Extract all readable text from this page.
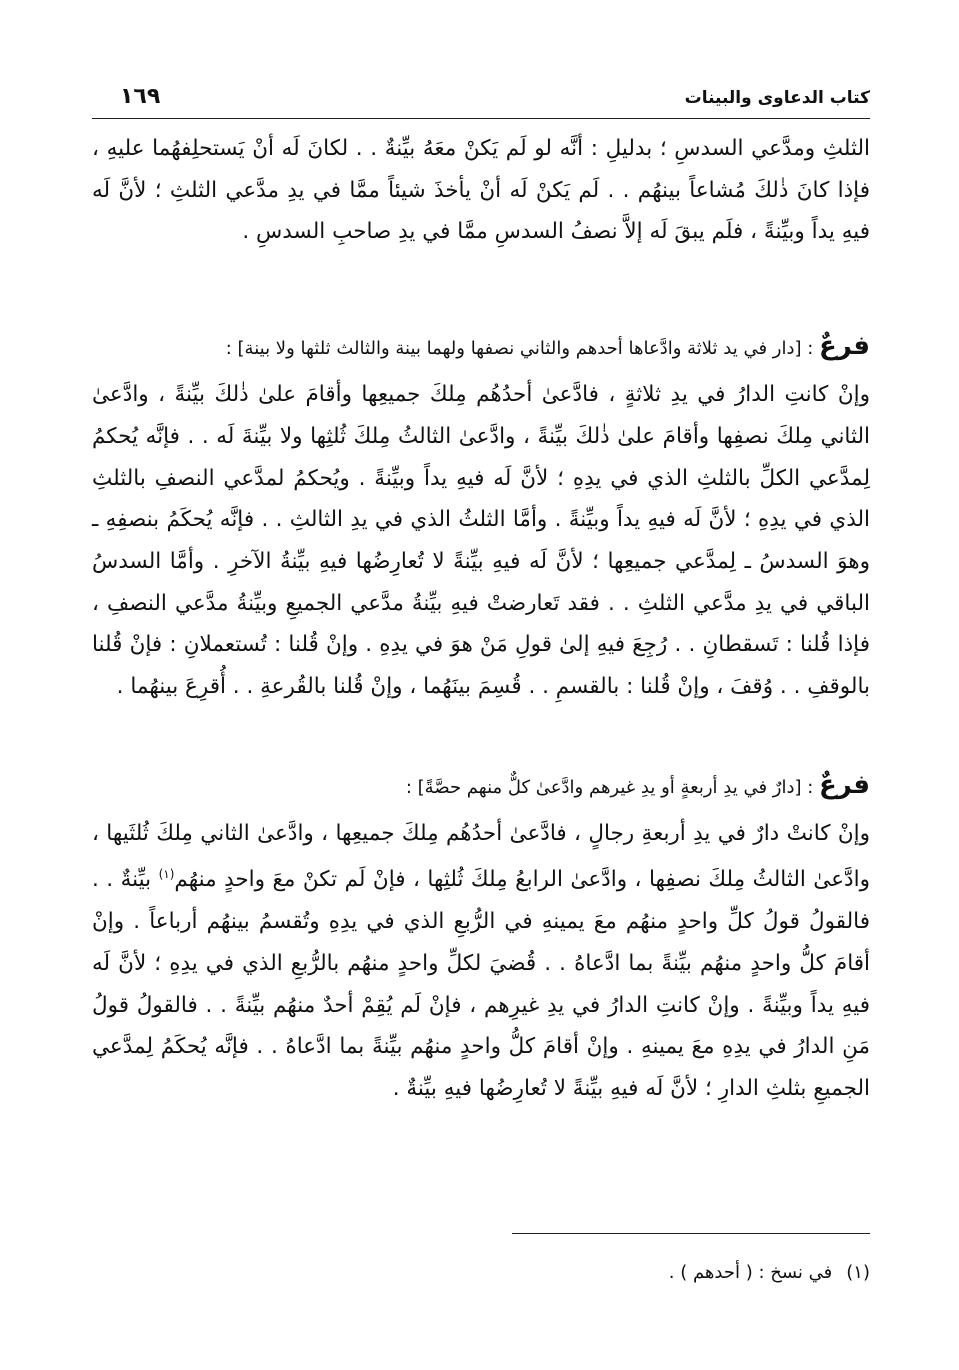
كتاب الدعاوى والبينات
١٦٩

الثلثِ ومدَّعي السدسِ ؛ بدليلِ : أنَّه لو لَم يَكنْ معَهُ بيِّنةٌ . . لكانَ لَه أنْ يَستحلِفهُما عليهِ ، فإذا كانَ ذٰلكَ مُشاعاً بينهُم . . لَم يَكنْ لَه أنْ يأخذَ شيئاً ممَّا في يدِ مدَّعي الثلثِ ؛ لأنَّ لَه فيهِ يداً وبيِّنةً ، فلَم يبقَ لَه إلاَّ نصفُ السدسِ ممَّا في يدِ صاحبِ السدسِ .

فرعٌ : [دار في يد ثلاثة وادَّعاها أحدهم والثاني نصفها ولهما بينة والثالث ثلثها ولا بينة] :

وإنْ كانتِ الدارُ في يدِ ثلاثةٍ ، فادَّعىٰ أحدُهُم مِلكَ جميعِها وأقامَ علىٰ ذٰلكَ بيِّنةً ، وادَّعىٰ الثاني مِلكَ نصفِها وأقامَ علىٰ ذٰلكَ بيِّنةً ، وادَّعىٰ الثالثُ مِلكَ ثُلثِها ولا بيِّنةَ لَه . . فإنَّه يُحكمُ لِمدَّعي الكلِّ بالثلثِ الذي في يدِهِ ؛ لأنَّ لَه فيهِ يداً وبيِّنةً . ويُحكمُ لمدَّعي النصفِ بالثلثِ الذي في يدِهِ ؛ لأنَّ لَه فيهِ يداً وبيِّنةً . وأمَّا الثلثُ الذي في يدِ الثالثِ . . فإنَّه يُحكَمُ بنصفِهِ ـ وهوَ السدسُ ـ لِمدَّعي جميعِها ؛ لأنَّ لَه فيهِ بيِّنةً لا تُعارِضُها فيهِ بيِّنةُ الآخرِ . وأمَّا السدسُ الباقي في يدِ مدَّعي الثلثِ . . فقد تَعارضتْ فيهِ بيِّنةُ مدَّعي الجميعِ وبيِّنةُ مدَّعي النصفِ ، فإذا قُلنا : تَسقطانِ . . رُجِعَ فيهِ إلىٰ قولِ مَنْ هوَ في يدِهِ . وإنْ قُلنا : تُستعملانِ : فإنْ قُلنا بالوقفِ . . وُقفَ ، وإنْ قُلنا : بالقسمِ . . قُسِمَ بينَهُما ، وإنْ قُلنا بالقُرعةِ . . أُقرِعَ بينهُما .

فرعٌ : [دارٌ في يدِ أربعةٍ أو يدِ غيرهم وادَّعىٰ كلٌّ منهم حصَّةً] :

وإنْ كانتْ دارٌ في يدِ أربعةِ رجالٍ ، فادَّعىٰ أحدُهُم مِلكَ جميعِها ، وادَّعىٰ الثاني مِلكَ ثُلثَيها ، وادَّعىٰ الثالثُ مِلكَ نصفِها ، وادَّعىٰ الرابعُ مِلكَ ثُلثِها ، فإنْ لَم تكنْ معَ واحدٍ منهُم$^{(١)}$ بيِّنةٌ . . فالقولُ قولُ كلِّ واحدٍ منهُم معَ يمينهِ في الرُّبعِ الذي في يدِهِ وتُقسمُ بينهُم أرباعاً . وإنْ أقامَ كلُّ واحدٍ منهُم بيِّنةً بما ادَّعاهُ . . قُضيَ لكلِّ واحدٍ منهُم بالرُّبعِ الذي في يدِهِ ؛ لأنَّ لَه فيهِ يداً وبيِّنةً . وإنْ كانتِ الدارُ في يدِ غيرِهم ، فإنْ لَم يُقِمْ أحدٌ منهُم بيِّنةً . . فالقولُ قولُ مَنِ الدارُ في يدِهِ معَ يمينهِ . وإنْ أقامَ كلُّ واحدٍ منهُم بيِّنةً بما ادَّعاهُ . . فإنَّه يُحكَمُ لِمدَّعي الجميعِ بثلثِ الدارِ ؛ لأنَّ لَه فيهِ بيِّنةً لا تُعارِضُها فيهِ بيِّنةٌ .

(١)في نسخ : ( أحدهم ) .
